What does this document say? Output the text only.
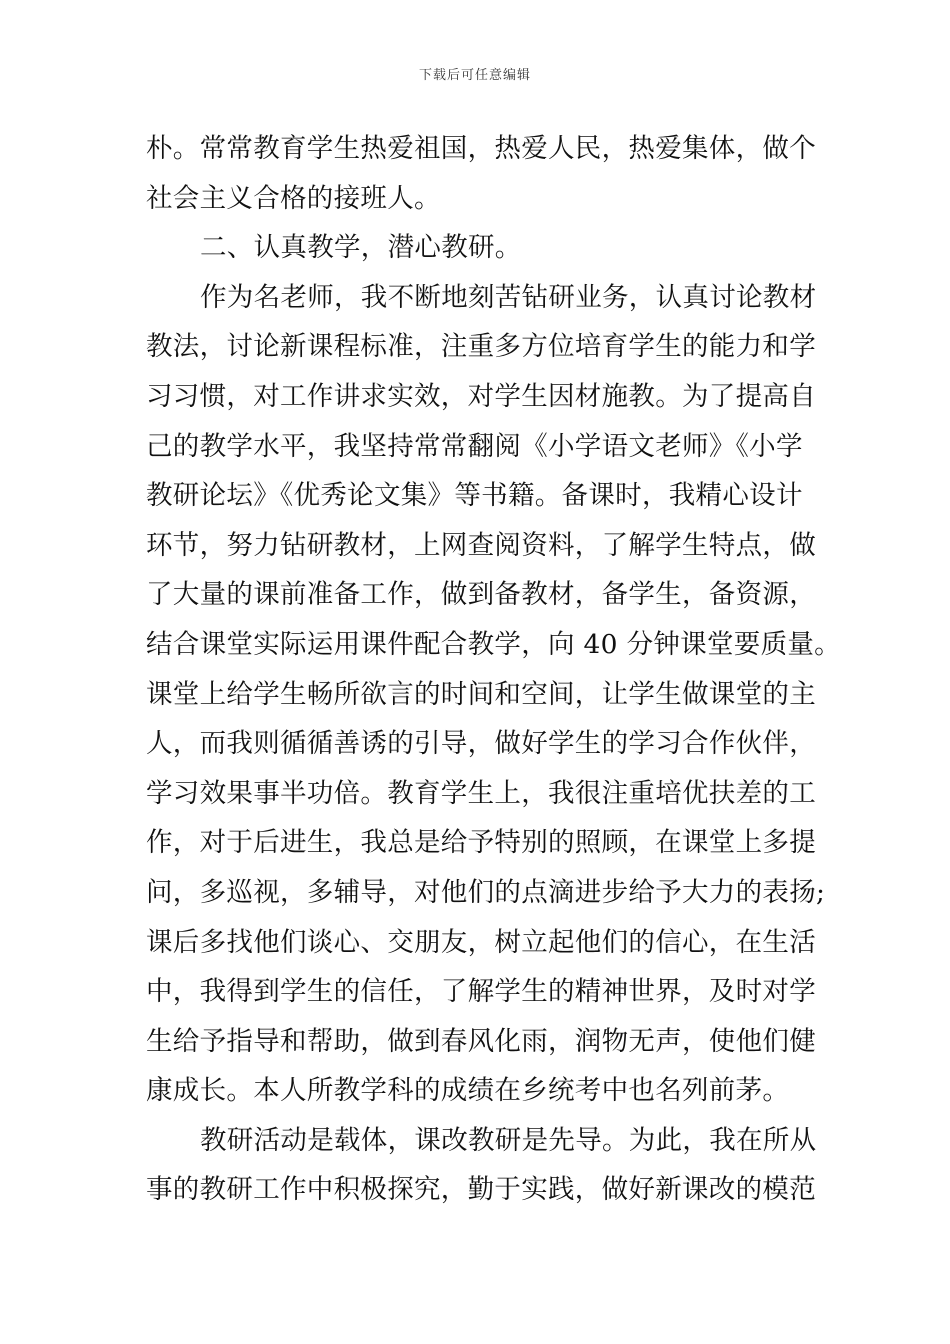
下载后可任意编辑
朴。常常教育学生热爱祖国，热爱人民，热爱集体，做个
社会主义合格的接班人。
二、认真教学，潜心教研。
作为名老师，我不断地刻苦钻研业务，认真讨论教材
教法，讨论新课程标准，注重多方位培育学生的能力和学
习习惯，对工作讲求实效，对学生因材施教。为了提高自
己的教学水平，我坚持常常翻阅《小学语文老师》《小学
教研论坛》《优秀论文集》等书籍。备课时，我精心设计
环节，努力钻研教材，上网查阅资料，了解学生特点，做
了大量的课前准备工作，做到备教材，备学生，备资源，
结合课堂实际运用课件配合教学，向 40 分钟课堂要质量。
课堂上给学生畅所欲言的时间和空间，让学生做课堂的主
人，而我则循循善诱的引导，做好学生的学习合作伙伴，
学习效果事半功倍。教育学生上，我很注重培优扶差的工
作，对于后进生，我总是给予特别的照顾，在课堂上多提
问，多巡视，多辅导，对他们的点滴进步给予大力的表扬;
课后多找他们谈心、交朋友，树立起他们的信心，在生活
中，我得到学生的信任，了解学生的精神世界，及时对学
生给予指导和帮助，做到春风化雨，润物无声，使他们健
康成长。本人所教学科的成绩在乡统考中也名列前茅。
教研活动是载体，课改教研是先导。为此，我在所从
事的教研工作中积极探究，勤于实践，做好新课改的模范
